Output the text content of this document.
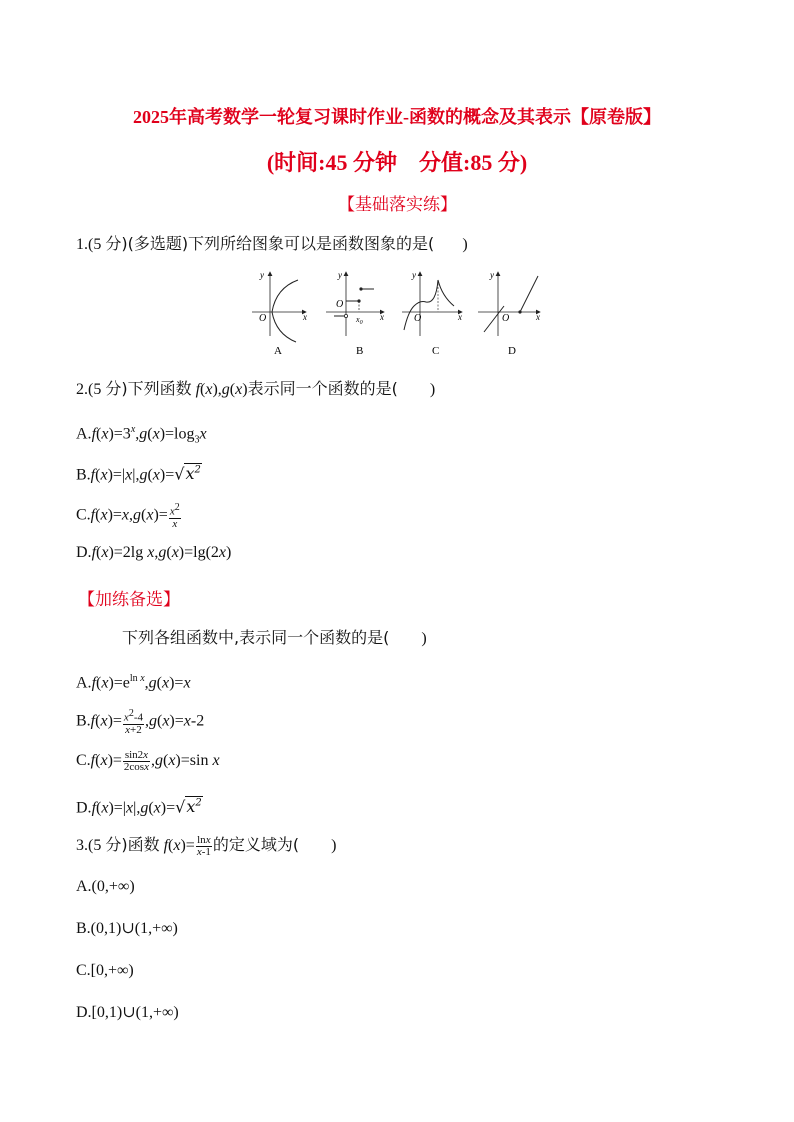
2025年高考数学一轮复习课时作业-函数的概念及其表示【原卷版】
(时间:45 分钟    分值:85 分)
【基础落实练】
1.(5 分)(多选题)下列所给图象可以是函数图象的是(       )
y
x
O
A
y
x
O
$x_0$
B
y
x
O
C
y
x
O
D
2.(5 分)下列函数 f(x),g(x)表示同一个函数的是(        )
$A.f(x)=3^x,g(x)=\log_3x$
$B.f(x)=|x|,g(x)=√x^2$
$C.f(x)=x,g(x)= \frac{x^2}{x}$
D.f(x)=2lg x,g(x)=lg(2x)
【加练备选】
下列各组函数中,表示同一个函数的是(        )
$A.f(x)=e^{ln x},g(x)=x$
$B.f(x)= \frac{x^2-4}{x+2} ,g(x)=x-2$
$C.f(x)= \frac{\sin 2x}{2\cos x} ,g(x)=\sin$ x
$D.f(x)=|x|,g(x)=√x^2$
3.(5 分)函数 $f(x)= \frac{\ln x}{x-1}$ 的定义域为(        )
A.(0,+∞)
B.(0,1)∪(1,+∞)
C.[0,+∞)
D.[0,1)∪(1,+∞)
